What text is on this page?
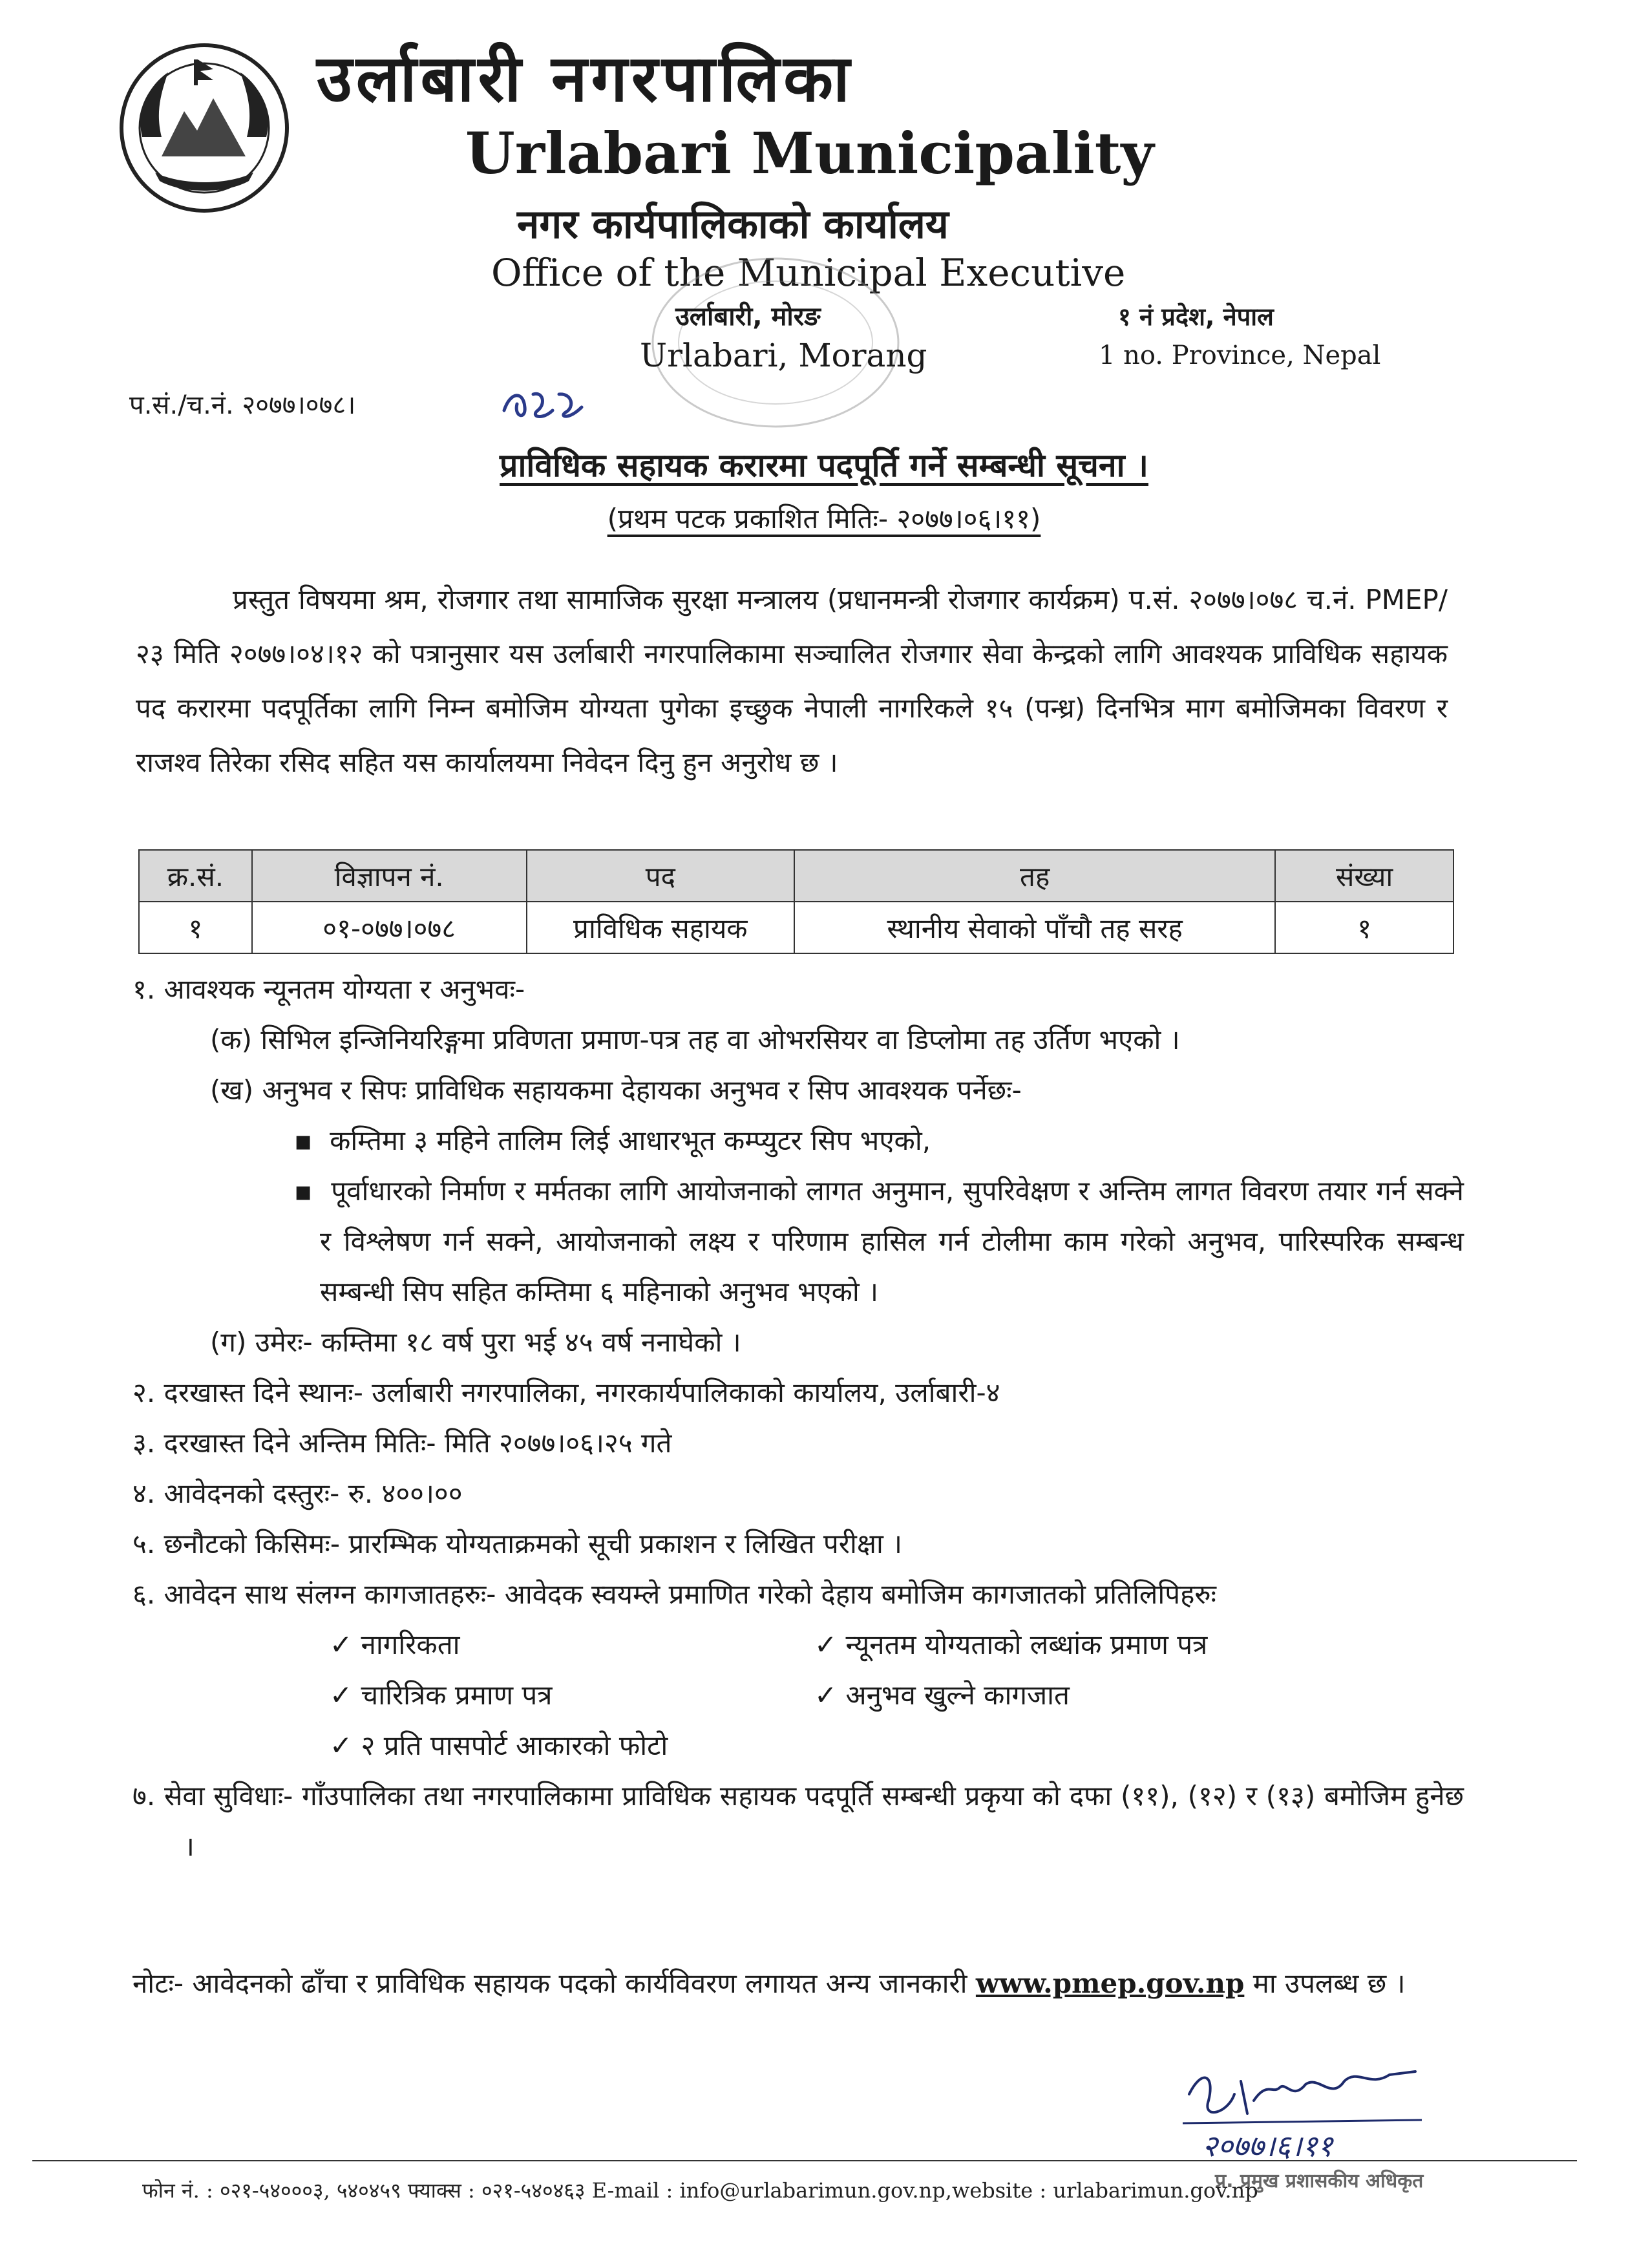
उर्लाबारी नगरपालिका
Urlabari Municipality
नगर कार्यपालिकाको कार्यालय
Office of the Municipal Executive
उर्लाबारी, मोरङ
Urlabari, Morang
१ नं प्रदेश, नेपाल
1 no. Province, Nepal
प.सं./च.नं. २०७७।०७८।
प्राविधिक सहायक करारमा पदपूर्ति गर्ने सम्बन्धी सूचना ।
(प्रथम पटक प्रकाशित मितिः- २०७७।०६।११)
प्रस्तुत विषयमा श्रम, रोजगार तथा सामाजिक सुरक्षा मन्त्रालय (प्रधानमन्त्री रोजगार कार्यक्रम) प.सं. २०७७।०७८ च.नं. PMEP/२३ मिति २०७७।०४।१२ को पत्रानुसार यस उर्लाबारी नगरपालिकामा सञ्चालित रोजगार सेवा केन्द्रको लागि आवश्यक प्राविधिक सहायक पद करारमा पदपूर्तिका लागि निम्न बमोजिम योग्यता पुगेका इच्छुक नेपाली नागरिकले १५ (पन्ध्र) दिनभित्र माग बमोजिमका विवरण र राजश्व तिरेका रसिद सहित यस कार्यालयमा निवेदन दिनु हुन अनुरोध छ ।
क्र.सं.	विज्ञापन नं.	पद	तह	संख्या
१	०१-०७७।०७८	प्राविधिक सहायक	स्थानीय सेवाको पाँचौ तह सरह	१
१. आवश्यक न्यूनतम योग्यता र अनुभवः-
(क) सिभिल इन्जिनियरिङ्गमा प्रविणता प्रमाण-पत्र तह वा ओभरसियर वा डिप्लोमा तह उर्तिण भएको ।
(ख) अनुभव र सिपः प्राविधिक सहायकमा देहायका अनुभव र सिप आवश्यक पर्नेछः-
▪  कम्तिमा ३ महिने तालिम लिई आधारभूत कम्प्युटर सिप भएको,
▪  पूर्वाधारको निर्माण र मर्मतका लागि आयोजनाको लागत अनुमान, सुपरिवेक्षण र अन्तिम लागत विवरण तयार गर्न सक्ने र विश्लेषण गर्न सक्ने, आयोजनाको लक्ष्य र परिणाम हासिल गर्न टोलीमा काम गरेको अनुभव, पारिस्परिक सम्बन्ध सम्बन्धी सिप सहित कम्तिमा ६ महिनाको अनुभव भएको ।
(ग) उमेरः- कम्तिमा १८ वर्ष पुरा भई ४५ वर्ष ननाघेको ।
२. दरखास्त दिने स्थानः- उर्लाबारी नगरपालिका, नगरकार्यपालिकाको कार्यालय, उर्लाबारी-४
३. दरखास्त दिने अन्तिम मितिः- मिति २०७७।०६।२५ गते
४. आवेदनको दस्तुरः- रु. ४००।००
५. छनौटको किसिमः- प्रारम्भिक योग्यताक्रमको सूची प्रकाशन र लिखित परीक्षा ।
६. आवेदन साथ संलग्न कागजातहरुः- आवेदक स्वयम्ले प्रमाणित गरेको देहाय बमोजिम कागजातको प्रतिलिपिहरुः
✓ नागरिकता	✓ न्यूनतम योग्यताको लब्धांक प्रमाण पत्र
✓ चारित्रिक प्रमाण पत्र	✓ अनुभव खुल्ने कागजात
✓ २ प्रति पासपोर्ट आकारको फोटो
७. सेवा सुविधाः- गाँउपालिका तथा नगरपालिकामा प्राविधिक सहायक पदपूर्ति सम्बन्धी प्रकृया को दफा (११), (१२) र (१३) बमोजिम हुनेछ ।
नोटः- आवेदनको ढाँचा र प्राविधिक सहायक पदको कार्यविवरण लगायत अन्य जानकारी www.pmep.gov.np मा उपलब्ध छ ।
२०७७।६।११
फोन नं. : ०२१-५४०००३, ५४०४५९ फ्याक्स : ०२१-५४०४६३ E-mail : info@urlabarimun.gov.np,website : urlabarimun.gov.np
प्र. प्रमुख प्रशासकीय अधिकृत
